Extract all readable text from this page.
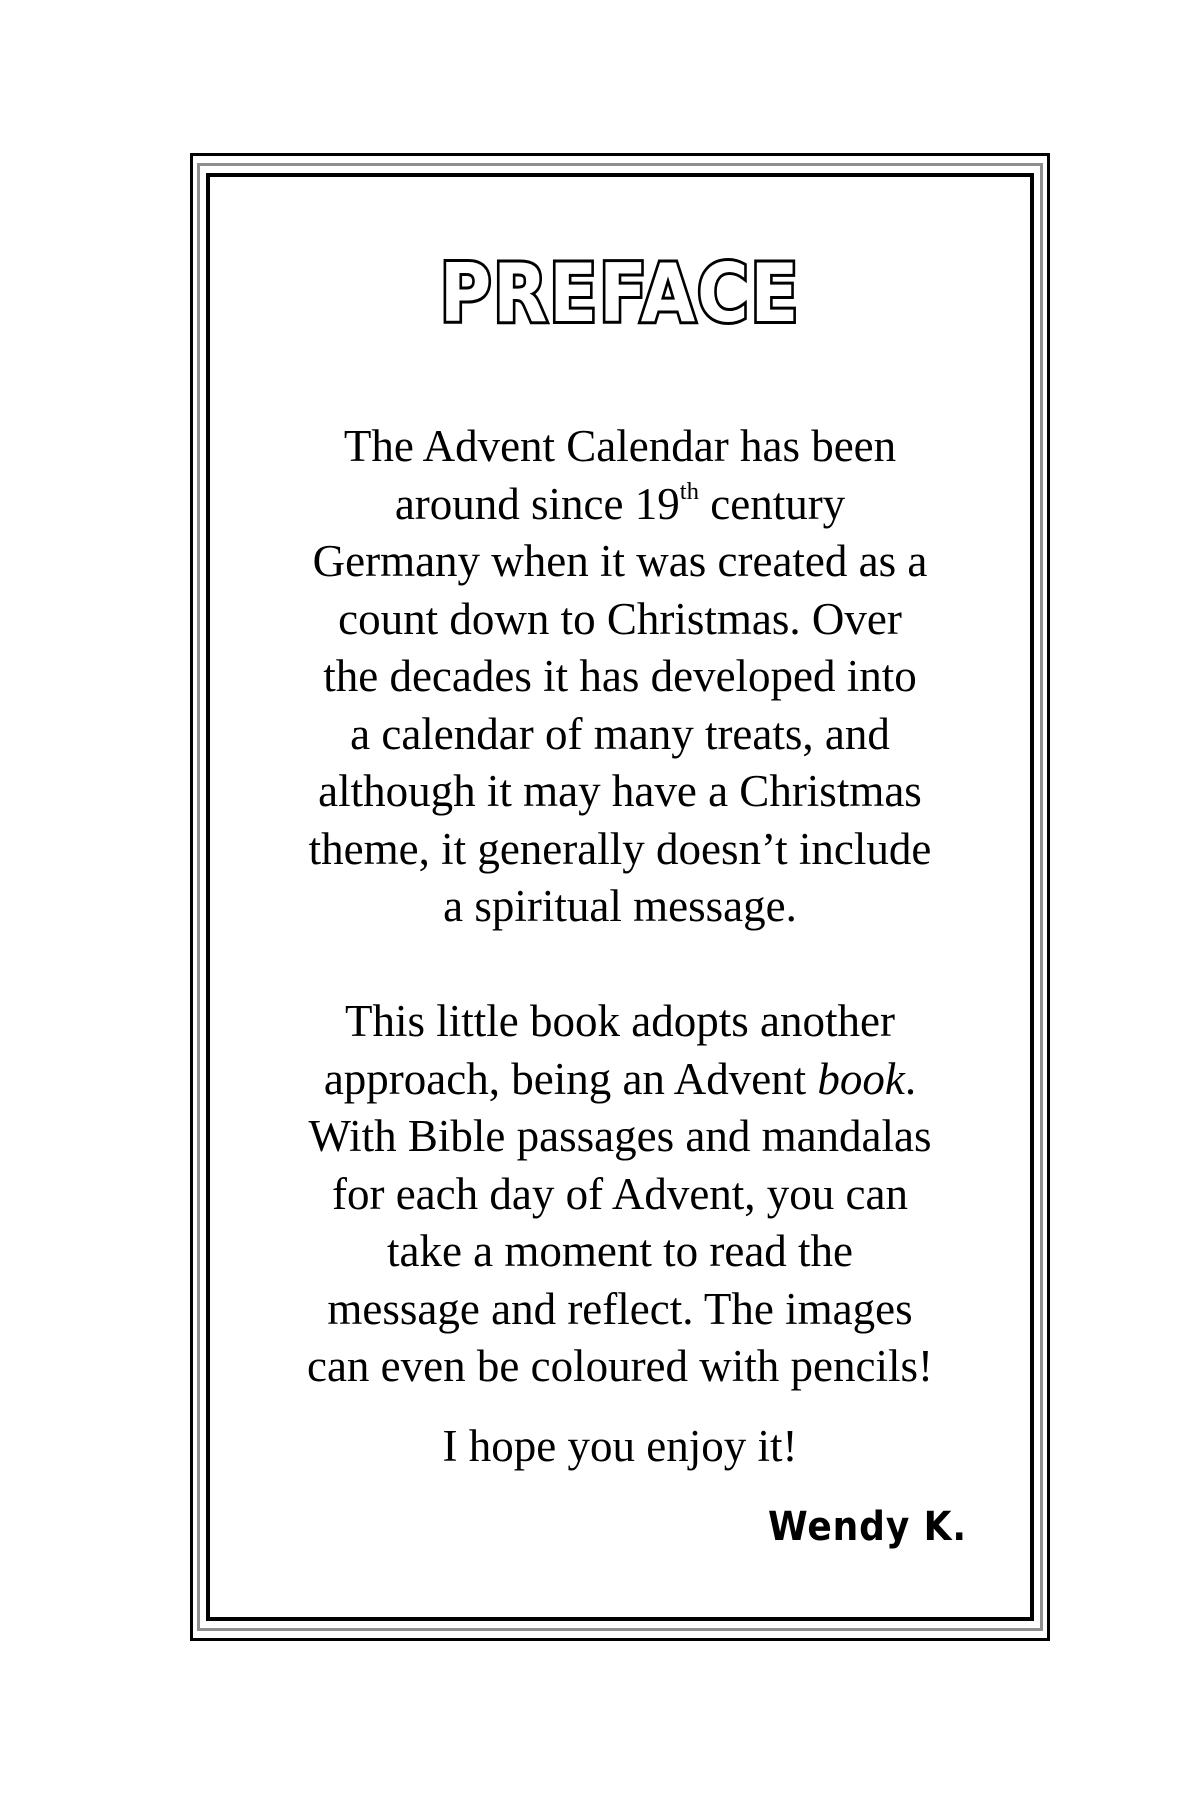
PREFACE
The Advent Calendar has been
around since 19th century
Germany when it was created as a
count down to Christmas. Over
the decades it has developed into
a calendar of many treats, and
although it may have a Christmas
theme, it generally doesn’t include
a spiritual message.
This little book adopts another
approach, being an Advent book.
With Bible passages and mandalas
for each day of Advent, you can
take a moment to read the
message and reflect. The images
can even be coloured with pencils!
I hope you enjoy it!
Wendy K.
